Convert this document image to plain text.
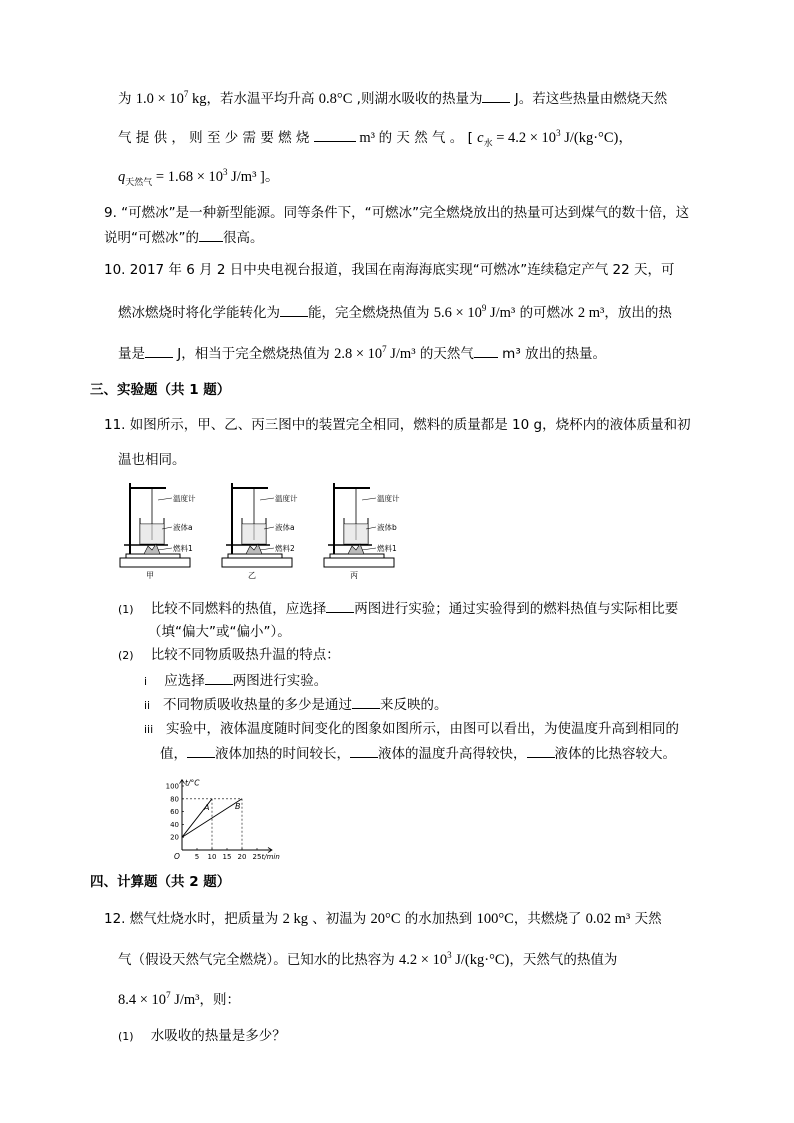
为 $1.0 \times 10^7$ kg，若水温平均升高 0.8°C ,则湖水吸收的热量为 J。若这些热量由燃烧天然
气 提 供 ， 则 至 少 需 要 燃 烧	m³ 的 天 然 气 。 [ $c_水 = 4.2 \times 10^3$ J/(kg·°C)，
$q_{天然气} = 1.68 \times 10^3$ J/m³ ]。
9. “可燃冰”是一种新型能源。同等条件下，“可燃冰”完全燃烧放出的热量可达到煤气的数十倍，这
说明“可燃冰”的 很高。
10. 2017 年 6 月 2 日中央电视台报道，我国在南海海底实现“可燃冰”连续稳定产气 22 天，可
燃冰燃烧时将化学能转化为 能，完全燃烧热值为 $5.6 \times 10^9$ J/m³ 的可燃冰 2 m³，放出的热
量是 J，相当于完全燃烧热值为 $2.8 \times 10^7$ J/m³ 的天然气 m³ 放出的热量。
三、实验题（共 1 题）
11. 如图所示，甲、乙、丙三图中的装置完全相同，燃料的质量都是 10 g，烧杯内的液体质量和初
温也相同。
温度计
液体a
燃料1
甲
温度计
液体a
燃料2
乙
温度计
液体b
燃料1
丙
(1) 比较不同燃料的热值，应选择 两图进行实验；通过实验得到的燃料热值与实际相比要
（填“偏大”或“偏小”）。
(2) 比较不同物质吸热升温的特点：
i 应选择 两图进行实验。
ii 不同物质吸收热量的多少是通过 来反映的。
iii 实验中，液体温度随时间变化的图象如图所示，由图可以看出，为使温度升高到相同的
值， 液体加热的时间较长， 液体的温度升高得较快， 液体的比热容较大。
t/°C
t/min
O
20
40
60
80
100
5 10 15 20 25
A	B
四、计算题（共 2 题）
12. 燃气灶烧水时，把质量为 2 kg 、初温为 20°C 的水加热到 100°C，共燃烧了 0.02 m³ 天然
气（假设天然气完全燃烧）。已知水的比热容为 $4.2 \times 10^3$ J/(kg·°C)，天然气的热值为
$8.4 \times 10^7$ J/m³，则：
(1) 水吸收的热量是多少？
